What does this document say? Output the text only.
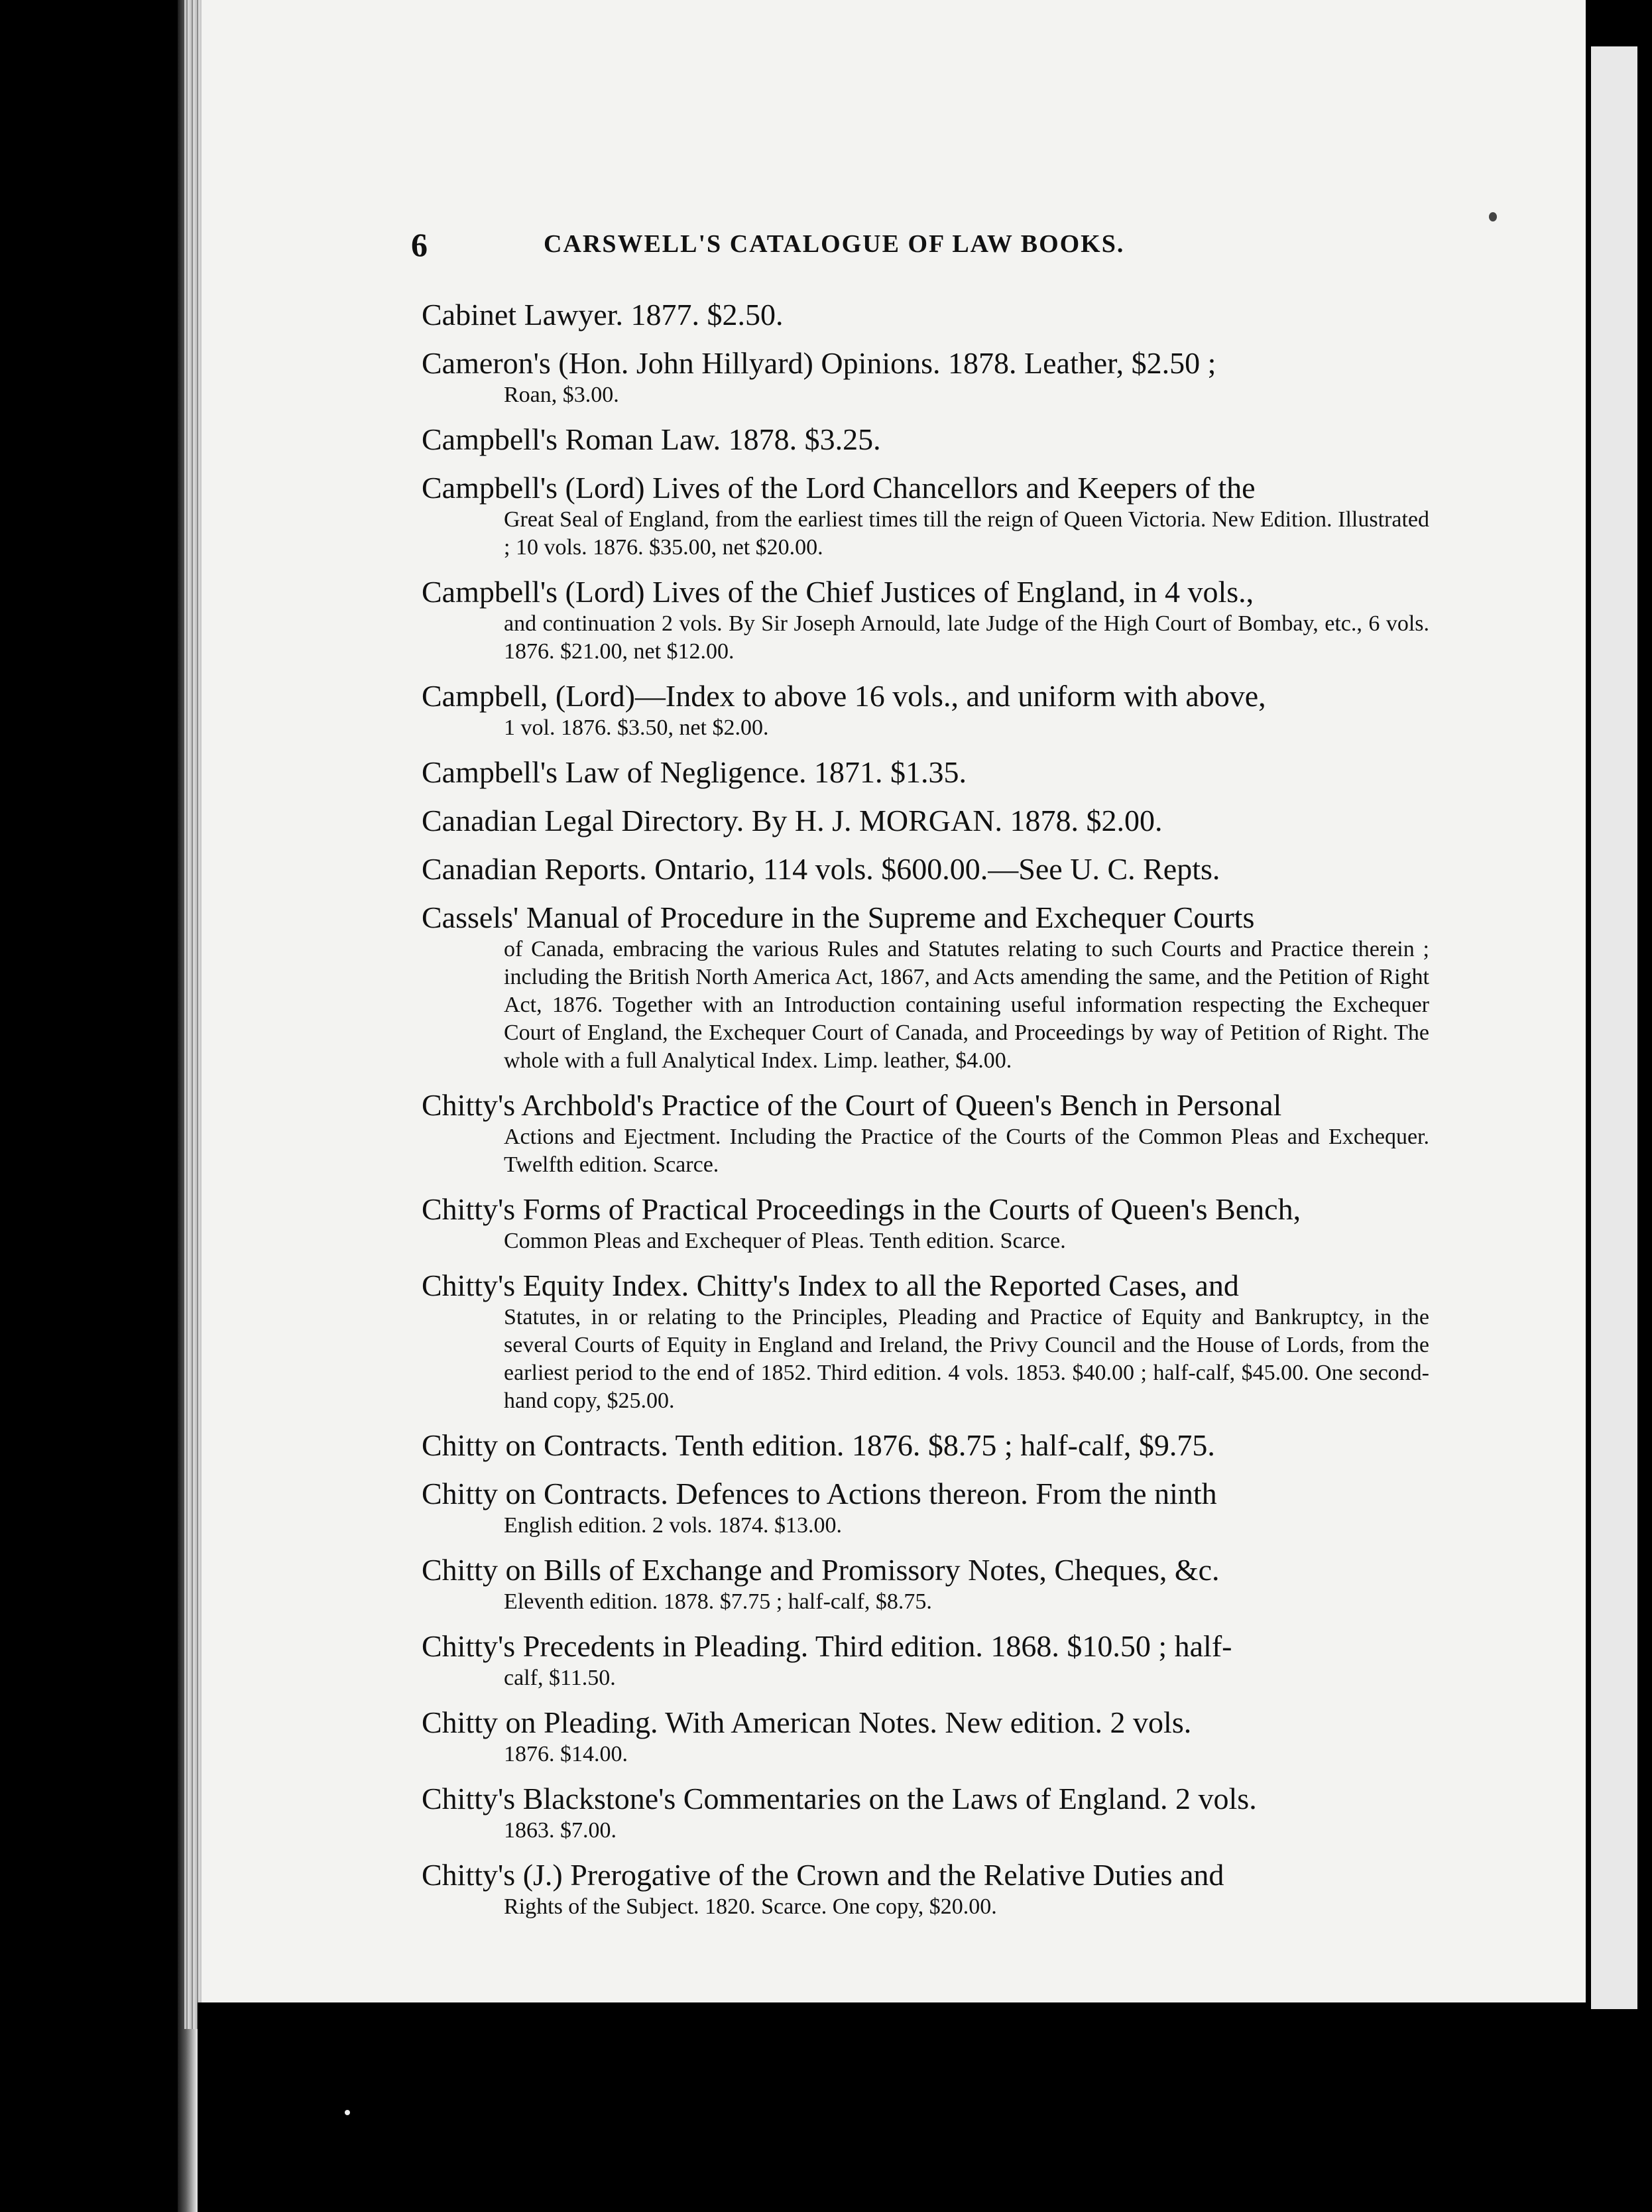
6	CARSWELL'S CATALOGUE OF LAW BOOKS.
Cabinet Lawyer. 1877. $2.50.
Cameron's (Hon. John Hillyard) Opinions. 1878. Leather, $2.50 ;
Roan, $3.00.
Campbell's Roman Law. 1878. $3.25.
Campbell's (Lord) Lives of the Lord Chancellors and Keepers of the
Great Seal of England, from the earliest times till the reign of Queen Victoria. New Edition. Illustrated ; 10 vols. 1876. $35.00, net $20.00.
Campbell's (Lord) Lives of the Chief Justices of England, in 4 vols.,
and continuation 2 vols. By Sir Joseph Arnould, late Judge of the High Court of Bombay, etc., 6 vols. 1876. $21.00, net $12.00.
Campbell, (Lord)—Index to above 16 vols., and uniform with above,
1 vol. 1876. $3.50, net $2.00.
Campbell's Law of Negligence. 1871. $1.35.
Canadian Legal Directory. By H. J. MORGAN. 1878. $2.00.
Canadian Reports. Ontario, 114 vols. $600.00.—See U. C. Repts.
Cassels' Manual of Procedure in the Supreme and Exchequer Courts
of Canada, embracing the various Rules and Statutes relating to such Courts and Practice therein ; including the British North America Act, 1867, and Acts amending the same, and the Petition of Right Act, 1876. Together with an Introduction containing useful information respecting the Exchequer Court of England, the Exchequer Court of Canada, and Proceedings by way of Petition of Right. The whole with a full Analytical Index. Limp. leather, $4.00.
Chitty's Archbold's Practice of the Court of Queen's Bench in Personal
Actions and Ejectment. Including the Practice of the Courts of the Common Pleas and Exchequer. Twelfth edition. Scarce.
Chitty's Forms of Practical Proceedings in the Courts of Queen's Bench,
Common Pleas and Exchequer of Pleas. Tenth edition. Scarce.
Chitty's Equity Index. Chitty's Index to all the Reported Cases, and
Statutes, in or relating to the Principles, Pleading and Practice of Equity and Bankruptcy, in the several Courts of Equity in England and Ireland, the Privy Council and the House of Lords, from the earliest period to the end of 1852. Third edition. 4 vols. 1853. $40.00 ; half-calf, $45.00. One second-hand copy, $25.00.
Chitty on Contracts. Tenth edition. 1876. $8.75 ; half-calf, $9.75.
Chitty on Contracts. Defences to Actions thereon. From the ninth
English edition. 2 vols. 1874. $13.00.
Chitty on Bills of Exchange and Promissory Notes, Cheques, &c.
Eleventh edition. 1878. $7.75 ; half-calf, $8.75.
Chitty's Precedents in Pleading. Third edition. 1868. $10.50 ; half-
calf, $11.50.
Chitty on Pleading. With American Notes. New edition. 2 vols.
1876. $14.00.
Chitty's Blackstone's Commentaries on the Laws of England. 2 vols.
1863. $7.00.
Chitty's (J.) Prerogative of the Crown and the Relative Duties and
Rights of the Subject. 1820. Scarce. One copy, $20.00.
